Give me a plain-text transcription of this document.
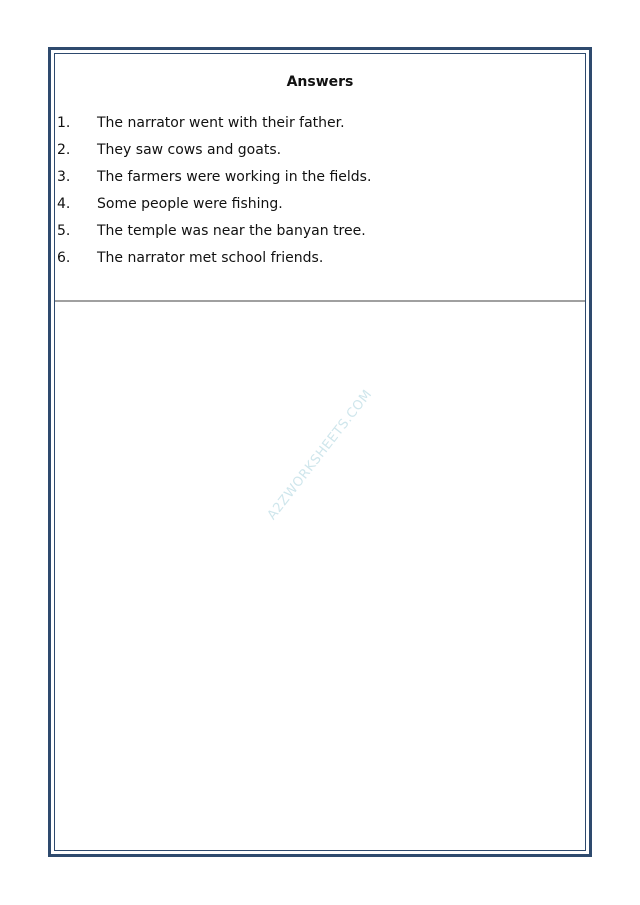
Answers
1. The narrator went with their father.
2. They saw cows and goats.
3. The farmers were working in the fields.
4. Some people were fishing.
5. The temple was near the banyan tree.
6. The narrator met school friends.
A2ZWORKSHEETS.COM
